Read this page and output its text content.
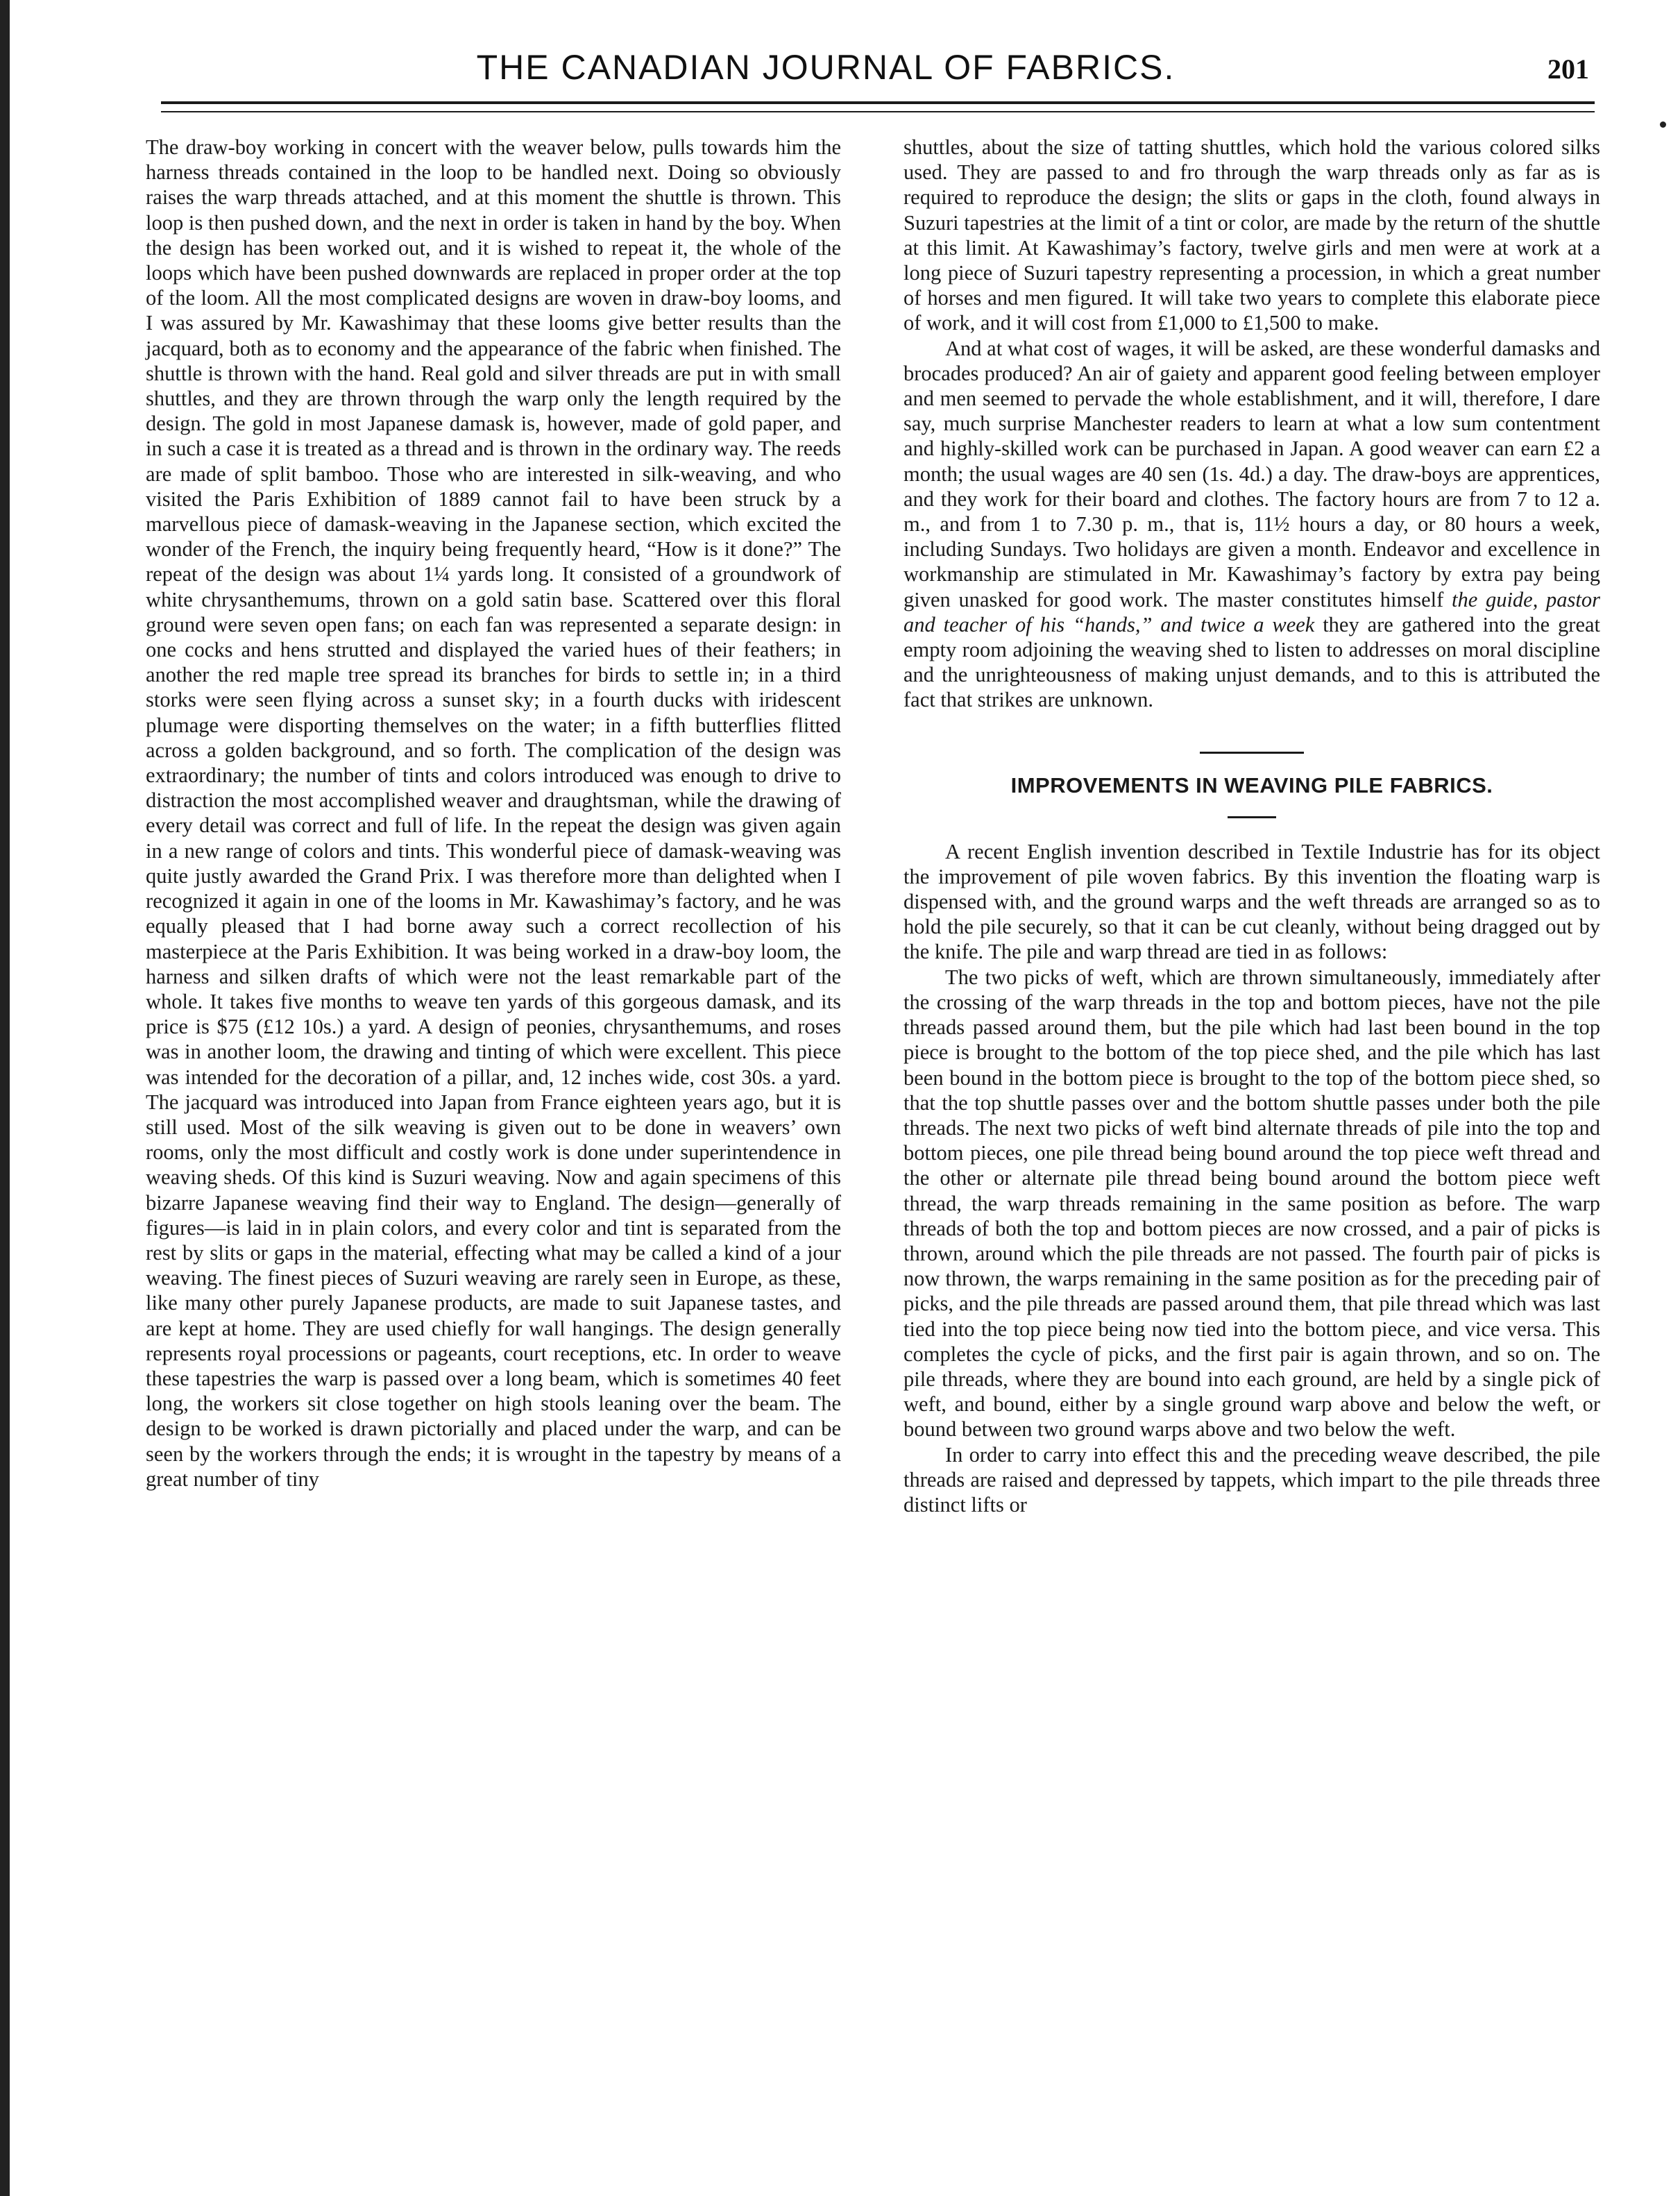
THE CANADIAN JOURNAL OF FABRICS.	201

The draw-boy working in concert with the weaver below, pulls towards him the harness threads contained in the loop to be handled next. Doing so obviously raises the warp threads attached, and at this moment the shuttle is thrown. This loop is then pushed down, and the next in order is taken in hand by the boy. When the design has been worked out, and it is wished to repeat it, the whole of the loops which have been pushed downwards are replaced in proper order at the top of the loom. All the most complicated designs are woven in draw-boy looms, and I was assured by Mr. Kawashimay that these looms give better results than the jacquard, both as to economy and the appearance of the fabric when finished. The shuttle is thrown with the hand. Real gold and silver threads are put in with small shuttles, and they are thrown through the warp only the length required by the design. The gold in most Japanese damask is, however, made of gold paper, and in such a case it is treated as a thread and is thrown in the ordinary way. The reeds are made of split bamboo. Those who are interested in silk-weaving, and who visited the Paris Exhibition of 1889 cannot fail to have been struck by a marvellous piece of damask-weaving in the Japanese section, which excited the wonder of the French, the inquiry being frequently heard, “How is it done?” The repeat of the design was about 1¼ yards long. It consisted of a groundwork of white chrysanthemums, thrown on a gold satin base. Scattered over this floral ground were seven open fans; on each fan was represented a separate design: in one cocks and hens strutted and displayed the varied hues of their feathers; in another the red maple tree spread its branches for birds to settle in; in a third storks were seen flying across a sunset sky; in a fourth ducks with iridescent plumage were disporting themselves on the water; in a fifth butterflies flitted across a golden background, and so forth. The complication of the design was extraordinary; the number of tints and colors introduced was enough to drive to distraction the most accomplished weaver and draughtsman, while the drawing of every detail was correct and full of life. In the repeat the design was given again in a new range of colors and tints. This wonderful piece of damask-weaving was quite justly awarded the Grand Prix. I was therefore more than delighted when I recognized it again in one of the looms in Mr. Kawashimay’s factory, and he was equally pleased that I had borne away such a correct recollection of his masterpiece at the Paris Exhibition. It was being worked in a draw-boy loom, the harness and silken drafts of which were not the least remarkable part of the whole. It takes five months to weave ten yards of this gorgeous damask, and its price is $75 (£12 10s.) a yard. A design of peonies, chrysanthemums, and roses was in another loom, the drawing and tinting of which were excellent. This piece was intended for the decoration of a pillar, and, 12 inches wide, cost 30s. a yard. The jacquard was introduced into Japan from France eighteen years ago, but it is still used. Most of the silk weaving is given out to be done in weavers’ own rooms, only the most difficult and costly work is done under superintendence in weaving sheds. Of this kind is Suzuri weaving. Now and again specimens of this bizarre Japanese weaving find their way to England. The design—generally of figures—is laid in in plain colors, and every color and tint is separated from the rest by slits or gaps in the material, effecting what may be called a kind of a jour weaving. The finest pieces of Suzuri weaving are rarely seen in Europe, as these, like many other purely Japanese products, are made to suit Japanese tastes, and are kept at home. They are used chiefly for wall hangings. The design generally represents royal processions or pageants, court receptions, etc. In order to weave these tapestries the warp is passed over a long beam, which is sometimes 40 feet long, the workers sit close together on high stools leaning over the beam. The design to be worked is drawn pictorially and placed under the warp, and can be seen by the workers through the ends; it is wrought in the tapestry by means of a great number of tiny

shuttles, about the size of tatting shuttles, which hold the various colored silks used. They are passed to and fro through the warp threads only as far as is required to reproduce the design; the slits or gaps in the cloth, found always in Suzuri tapestries at the limit of a tint or color, are made by the return of the shuttle at this limit. At Kawashimay’s factory, twelve girls and men were at work at a long piece of Suzuri tapestry representing a procession, in which a great number of horses and men figured. It will take two years to complete this elaborate piece of work, and it will cost from £1,000 to £1,500 to make.

And at what cost of wages, it will be asked, are these wonderful damasks and brocades produced? An air of gaiety and apparent good feeling between employer and men seemed to pervade the whole establishment, and it will, therefore, I dare say, much surprise Manchester readers to learn at what a low sum contentment and highly-skilled work can be purchased in Japan. A good weaver can earn £2 a month; the usual wages are 40 sen (1s. 4d.) a day. The draw-boys are apprentices, and they work for their board and clothes. The factory hours are from 7 to 12 a. m., and from 1 to 7.30 p. m., that is, 11½ hours a day, or 80 hours a week, including Sundays. Two holidays are given a month. Endeavor and excellence in workmanship are stimulated in Mr. Kawashimay’s factory by extra pay being given unasked for good work. The master constitutes himself the guide, pastor and teacher of his “hands,” and twice a week they are gathered into the great empty room adjoining the weaving shed to listen to addresses on moral discipline and the unrighteousness of making unjust demands, and to this is attributed the fact that strikes are unknown.

IMPROVEMENTS IN WEAVING PILE FABRICS.

A recent English invention described in Textile Industrie has for its object the improvement of pile woven fabrics. By this invention the floating warp is dispensed with, and the ground warps and the weft threads are arranged so as to hold the pile securely, so that it can be cut cleanly, without being dragged out by the knife. The pile and warp thread are tied in as follows:

The two picks of weft, which are thrown simultaneously, immediately after the crossing of the warp threads in the top and bottom pieces, have not the pile threads passed around them, but the pile which had last been bound in the top piece is brought to the bottom of the top piece shed, and the pile which has last been bound in the bottom piece is brought to the top of the bottom piece shed, so that the top shuttle passes over and the bottom shuttle passes under both the pile threads. The next two picks of weft bind alternate threads of pile into the top and bottom pieces, one pile thread being bound around the top piece weft thread and the other or alternate pile thread being bound around the bottom piece weft thread, the warp threads remaining in the same position as before. The warp threads of both the top and bottom pieces are now crossed, and a pair of picks is thrown, around which the pile threads are not passed. The fourth pair of picks is now thrown, the warps remaining in the same position as for the preceding pair of picks, and the pile threads are passed around them, that pile thread which was last tied into the top piece being now tied into the bottom piece, and vice versa. This completes the cycle of picks, and the first pair is again thrown, and so on. The pile threads, where they are bound into each ground, are held by a single pick of weft, and bound, either by a single ground warp above and below the weft, or bound between two ground warps above and two below the weft.

In order to carry into effect this and the preceding weave described, the pile threads are raised and depressed by tappets, which impart to the pile threads three distinct lifts or
